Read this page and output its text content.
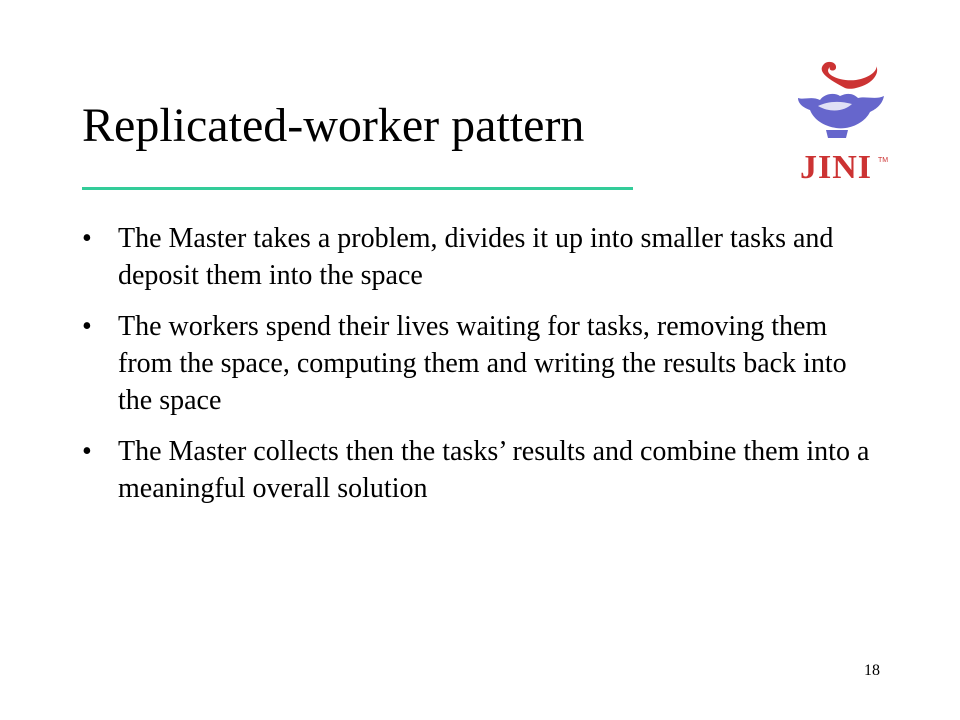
Replicated-worker pattern
JINI TM
• The Master takes a problem, divides it up into smaller tasks and deposit them into the space
• The workers spend their lives waiting for tasks, removing them from the space, computing them and writing the results back into the space
• The Master collects then the tasks’ results and combine them into a meaningful overall solution
18
